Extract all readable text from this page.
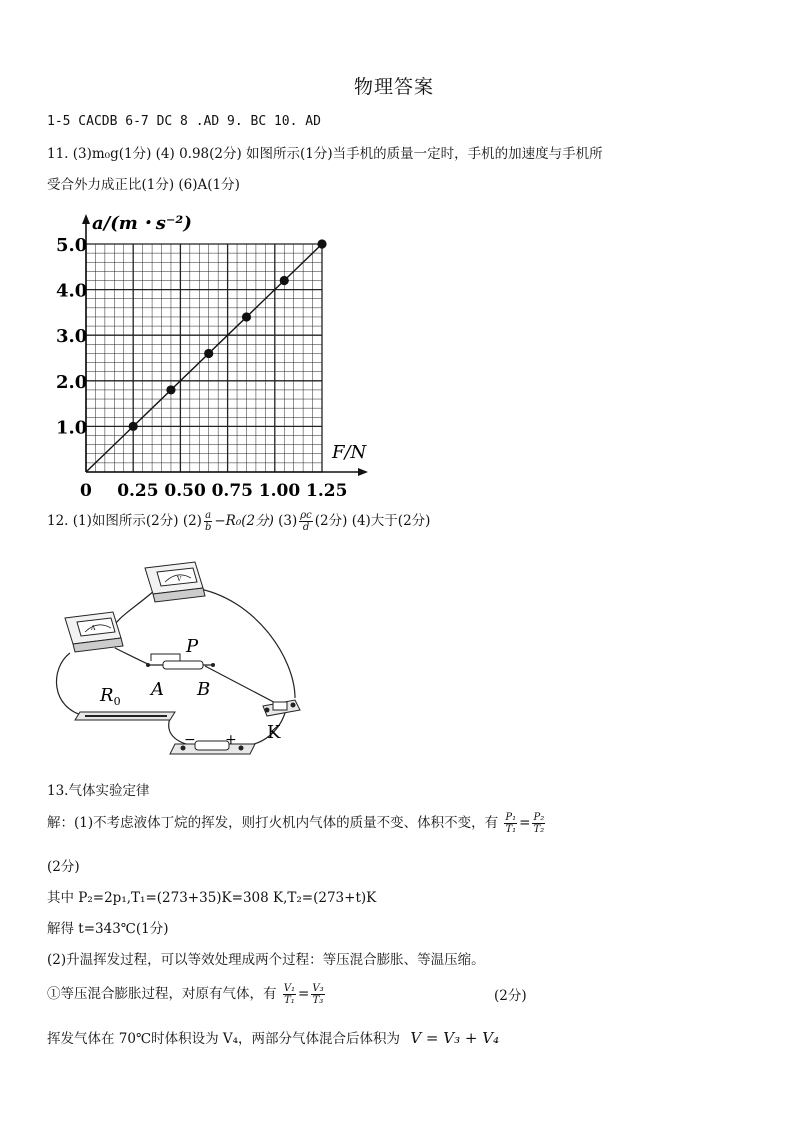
物理答案
1-5 CACDB 6-7 DC 8 .AD 9. BC 10. AD
11. (3)m₀g(1分) (4) 0.98(2分) 如图所示(1分)当手机的质量一定时，手机的加速度与手机所
受合外力成正比(1分) (6)A(1分)
1.0
2.0
3.0
4.0
5.0
0 0.25 0.50 0.75 1.00 1.25
a/(m・s⁻²)
F/N
12. (1)如图所示(2分) $(2) \frac{a}{b} -R_0(2$分) $(3) \frac{\rho c}{d} (2$分) (4)大于(2分)
V
A
P
A B
$R_0$
K
− +
13.气体实验定律
解：(1)不考虑液体丁烷的挥发，则打火机内气体的质量不变、体积不变，有 $\frac{\text{P₁}}{\text{T₁}} = \frac{\text{P₂}}{\text{T₂}}$
(2分)
其中 P₂=2p₁,T₁=(273+35)K=308 K,T₂=(273+t)K
解得 t=343℃(1分)
(2)升温挥发过程，可以等效处理成两个过程：等压混合膨胀、等温压缩。
①等压混合膨胀过程，对原有气体，有 $\frac{\text{V₁}}{\text{T₁}} = \frac{\text{V₃}}{\text{T₃}}$	(2分)
挥发气体在 70℃时体积设为 V₄，两部分气体混合后体积为 V = V₃ + V₄
